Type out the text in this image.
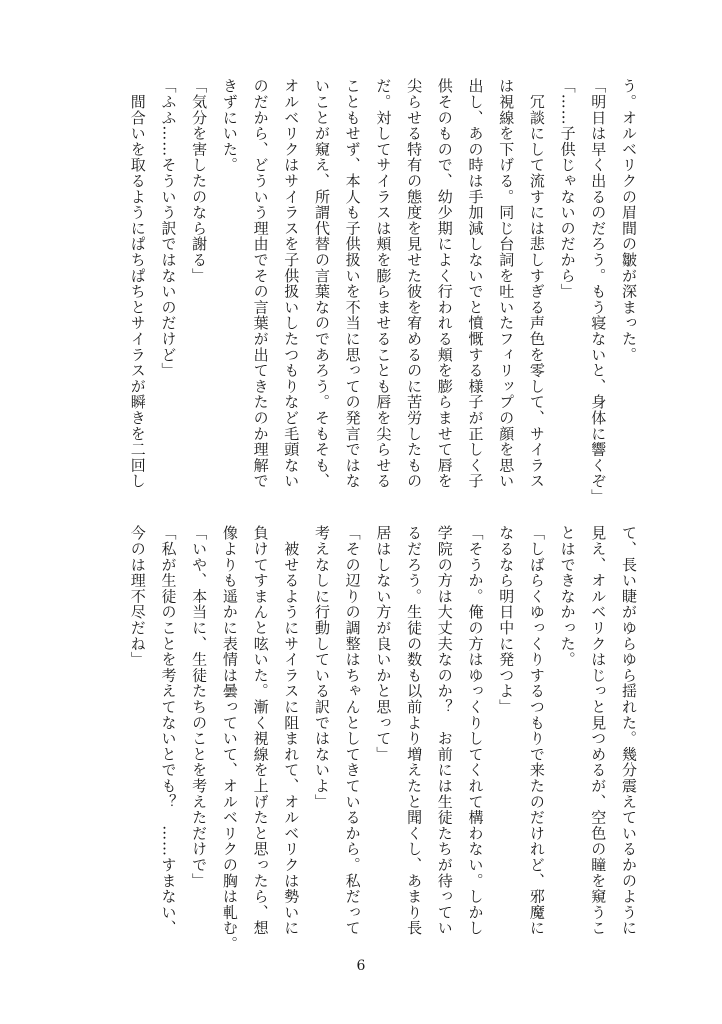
う。オルベリクの眉間の皺が深まった。
「明日は早く出るのだろう。もう寝ないと、身体に響くぞ」
「……子供じゃないのだから」
　冗談にして流すには悲しすぎる声色を零して、サイラス
は視線を下げる。同じ台詞を吐いたフィリップの顔を思い
出し、あの時は手加減しないでと憤慨する様子が正しく子
供そのもので、幼少期によく行われる頬を膨らませて唇を
尖らせる特有の態度を見せた彼を宥めるのに苦労したもの
だ。対してサイラスは頬を膨らませることも唇を尖らせる
こともせず、本人も子供扱いを不当に思っての発言ではな
いことが窺え、所謂代替の言葉なのであろう。そもそも、
オルベリクはサイラスを子供扱いしたつもりなど毛頭ない
のだから、どういう理由でその言葉が出てきたのか理解で
きずにいた。
「気分を害したのなら謝る」
「ふふ……そういう訳ではないのだけど」
　間合いを取るようにぱちぱちとサイラスが瞬きを二回し
て、長い睫がゆらゆら揺れた。幾分震えているかのように
見え、オルベリクはじっと見つめるが、空色の瞳を窺うこ
とはできなかった。
「しばらくゆっくりするつもりで来たのだけれど、邪魔に
なるなら明日中に発つよ」
「そうか。俺の方はゆっくりしてくれて構わない。しかし
学院の方は大丈夫なのか？　お前には生徒たちが待ってい
るだろう。生徒の数も以前より増えたと聞くし、あまり長
居はしない方が良いかと思って」
「その辺りの調整はちゃんとしてきているから。私だって
考えなしに行動している訳ではないよ」
　被せるようにサイラスに阻まれて、オルベリクは勢いに
負けてすまんと呟いた。漸く視線を上げたと思ったら、想
像よりも遥かに表情は曇っていて、オルベリクの胸は軋む。
「いや、本当に、生徒たちのことを考えただけで」
「私が生徒のことを考えてないとでも？　……すまない、
今のは理不尽だね」
6
